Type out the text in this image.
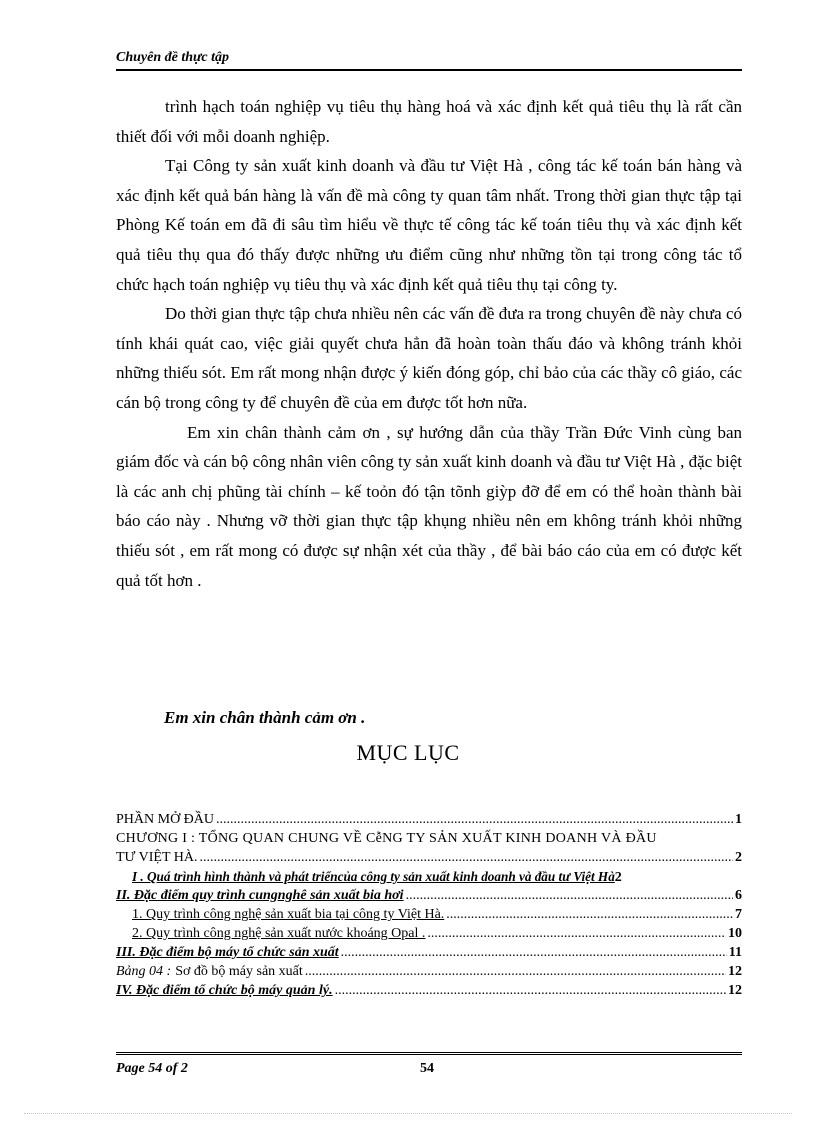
Chuyên đề thực tập

trình hạch toán nghiệp vụ tiêu thụ hàng hoá và xác định kết quả tiêu thụ là rất cần thiết đối với mỗi doanh nghiệp.

Tại Công ty sản xuất kinh doanh và đầu tư Việt Hà , công tác kế toán bán hàng và xác định kết quả bán hàng là vấn đề mà công ty quan tâm nhất. Trong thời gian thực tập tại Phòng Kế toán em đã đi sâu tìm hiểu về thực tế công tác kế toán tiêu thụ và xác định kết quả tiêu thụ qua đó thấy được những ưu điểm cũng như những tồn tại trong công tác tổ chức hạch toán nghiệp vụ tiêu thụ và xác định kết quả tiêu thụ tại công ty.

Do thời gian thực tập chưa nhiều nên các vấn đề đưa ra trong chuyên đề này chưa có tính khái quát cao, việc giải quyết chưa hẳn đã hoàn toàn thấu đáo và không tránh khỏi những thiếu sót. Em rất mong nhận được ý kiến đóng góp, chỉ bảo của các thầy cô giáo, các cán bộ trong công ty để chuyên đề của em được tốt hơn nữa.

Em xin chân thành cảm ơn , sự hướng dẫn của thầy Trần Đức Vinh cùng ban giám đốc và cán bộ công nhân viên công ty sản xuất kinh doanh và đầu tư Việt Hà , đặc biệt là các anh chị phũng tài chính – kế toỏn đó tận tõnh giỳp đỡ để em có thể hoàn thành bài báo cáo này . Nhưng vỡ thời gian thực tập khụng nhiều nên em không tránh khỏi những thiếu sót , em rất mong có được sự nhận xét của thầy , để bài báo cáo của em có được kết quả tốt hơn .

Em xin chân thành cảm ơn .
MỤC LỤC
PHẦN MỞ ĐẦU .....	1
CHƯƠNG I : TỔNG QUAN CHUNG VỀ CễNG TY SẢN XUẤT KINH DOANH VÀ ĐẦU
TƯ VIỆT HÀ. .....	2
I . Quá trình hình thành và phát triểncủa công ty sản xuất kinh doanh và đầu tư Việt Hà 2
II. Đặc điểm quy trình cungnghê sản xuất bia hơi .....	6
1. Quy trình công nghệ sản xuất bia tại công ty Việt Hà. .....	7
2. Quy trình công nghệ sản xuất nước khoáng Opal . .....	10
III. Đặc điểm bộ máy tổ chức sản xuất .....	11
Bảng 04 : Sơ đồ bộ máy sản xuất .....	12
IV. Đặc điểm tổ chức bộ máy quản lý. .....	12
Page 54 of 2	54
